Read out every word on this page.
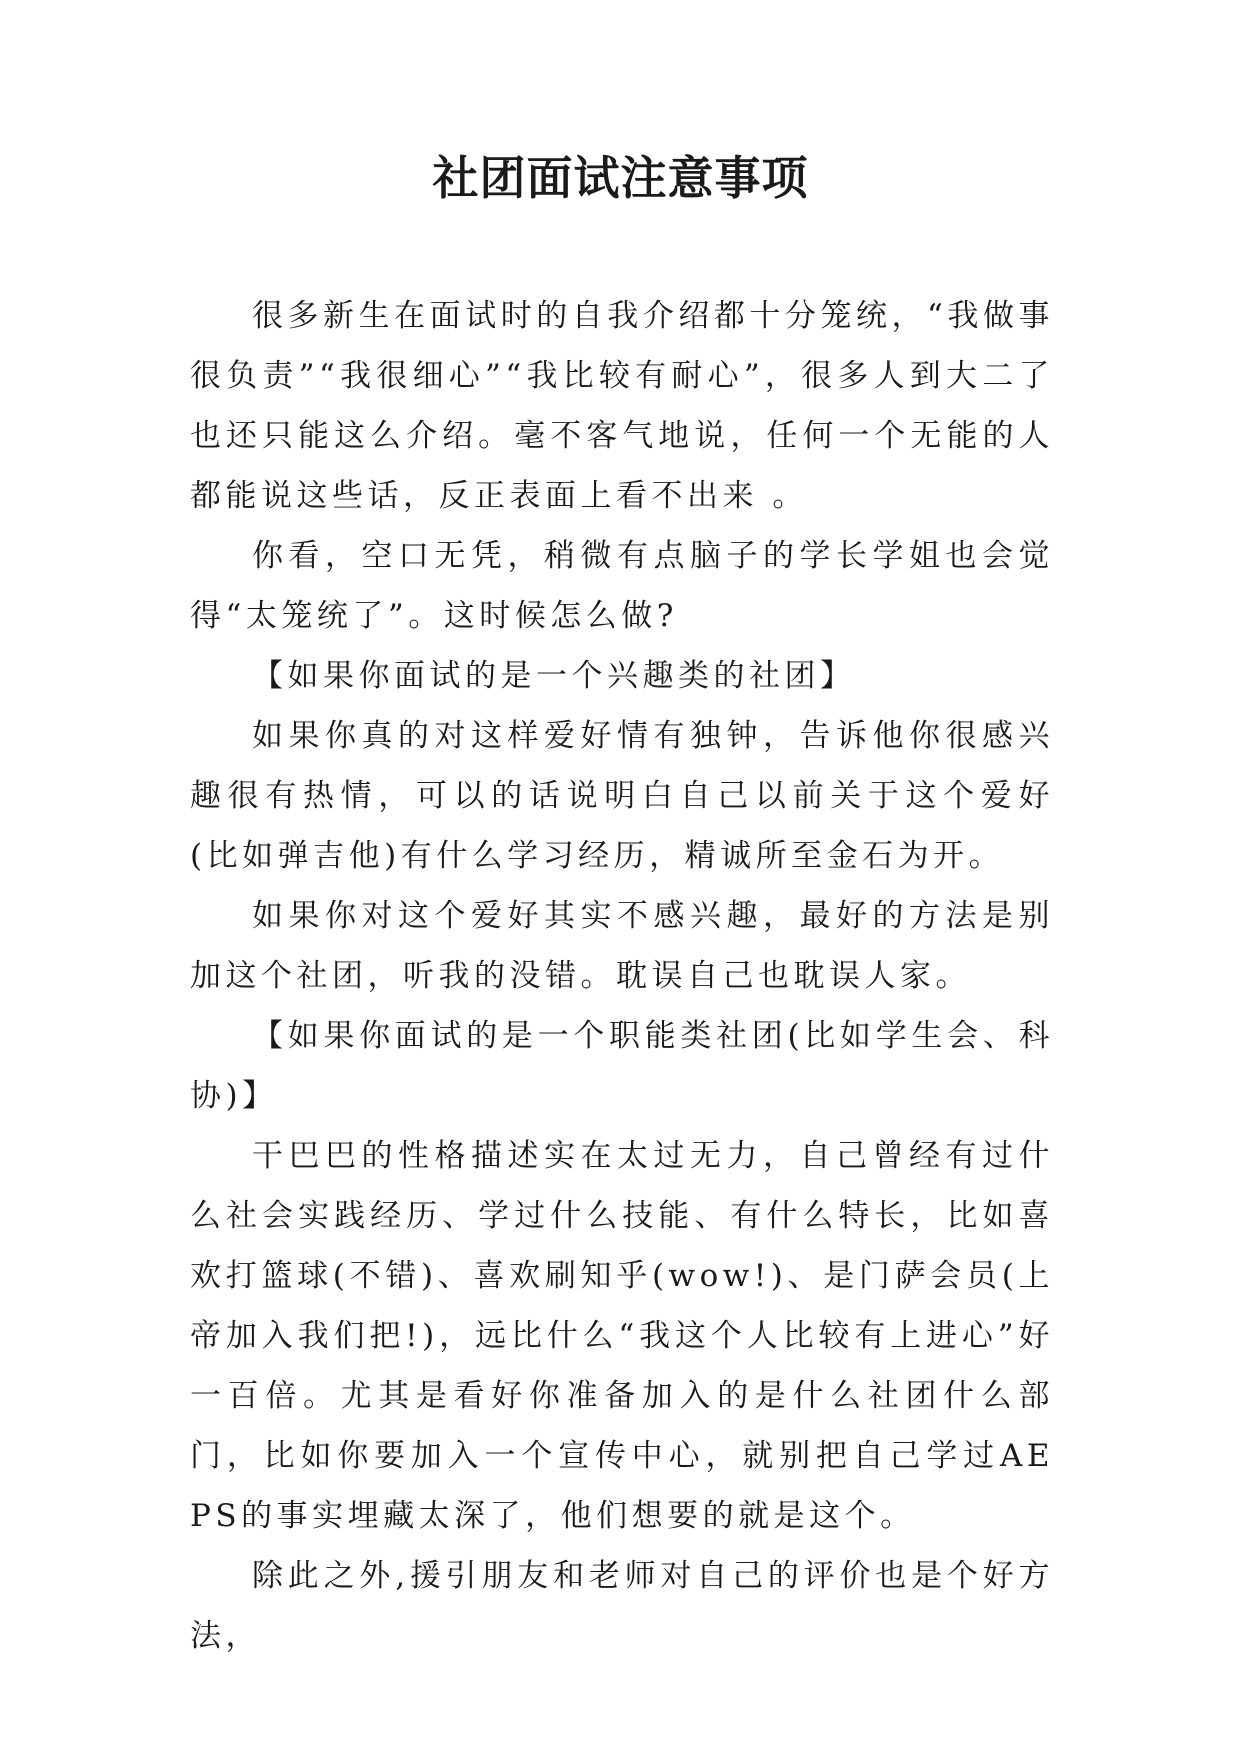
社团面试注意事项

很多新生在面试时的自我介绍都十分笼统，“我做事很负责”“我很细心”“我比较有耐心”，很多人到大二了也还只能这么介绍。毫不客气地说，任何一个无能的人都能说这些话，反正表面上看不出来 。

你看，空口无凭，稍微有点脑子的学长学姐也会觉得“太笼统了”。这时候怎么做?

【如果你面试的是一个兴趣类的社团】

如果你真的对这样爱好情有独钟，告诉他你很感兴趣很有热情，可以的话说明白自己以前关于这个爱好(比如弹吉他)有什么学习经历，精诚所至金石为开。

如果你对这个爱好其实不感兴趣，最好的方法是别加这个社团，听我的没错。耽误自己也耽误人家。

【如果你面试的是一个职能类社团(比如学生会、科协)】

干巴巴的性格描述实在太过无力，自己曾经有过什么社会实践经历、学过什么技能、有什么特长，比如喜欢打篮球(不错)、喜欢刷知乎(wow!)、是门萨会员(上帝加入我们把!)，远比什么“我这个人比较有上进心”好一百倍。尤其是看好你准备加入的是什么社团什么部门，比如你要加入一个宣传中心，就别把自己学过AE PS的事实埋藏太深了，他们想要的就是这个。

除此之外,援引朋友和老师对自己的评价也是个好方法，
